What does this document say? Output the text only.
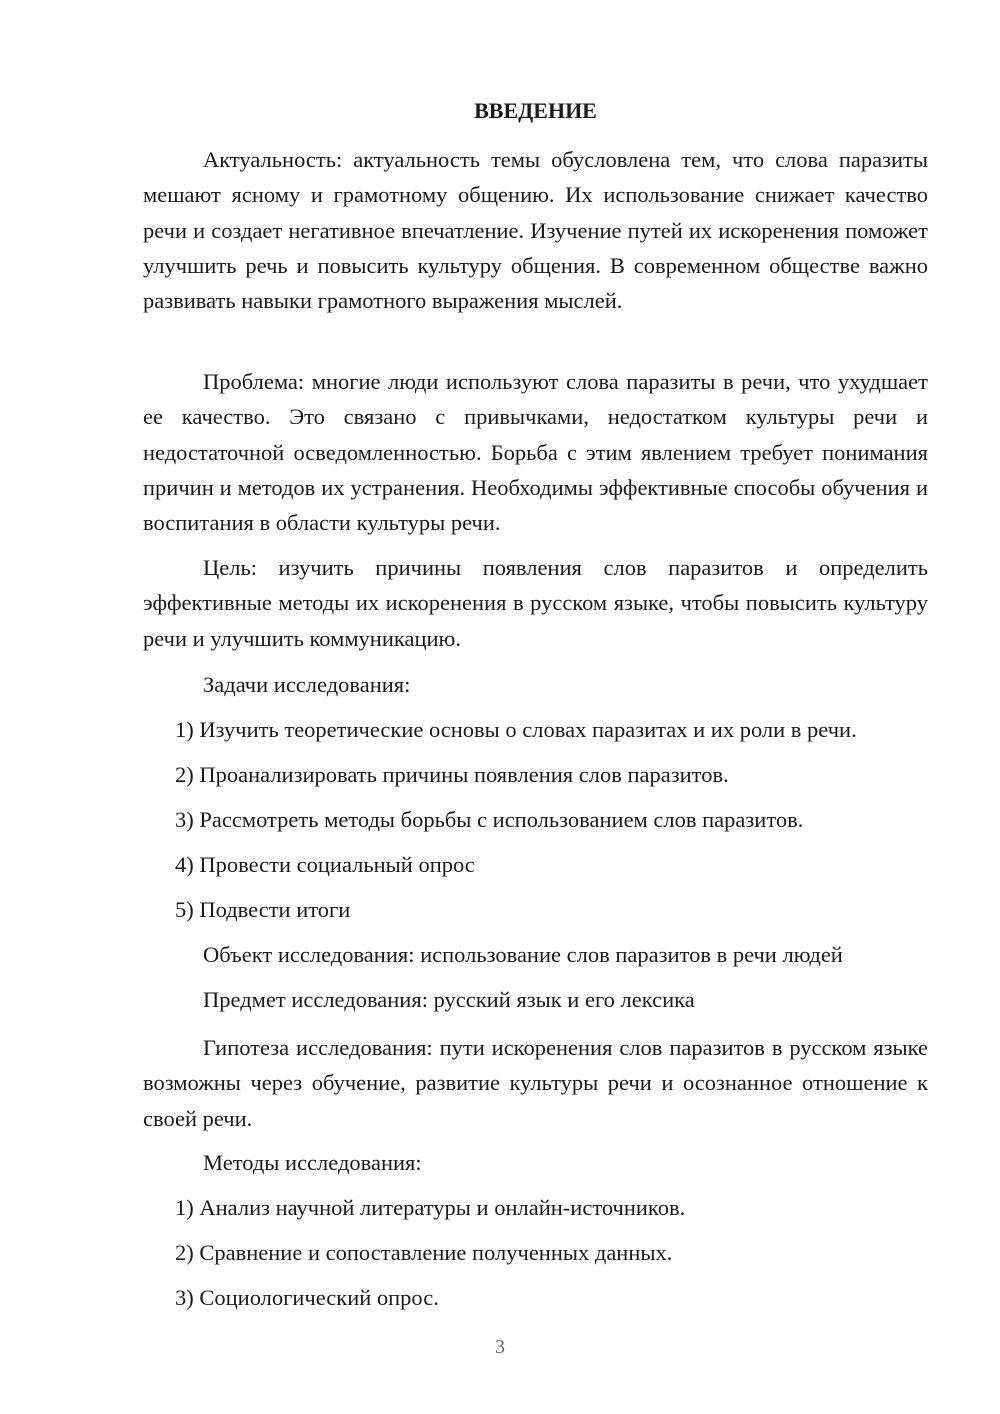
ВВЕДЕНИЕ

Актуальность: актуальность темы обусловлена тем, что слова паразиты мешают ясному и грамотному общению. Их использование снижает качество речи и создает негативное впечатление. Изучение путей их искоренения поможет улучшить речь и повысить культуру общения. В современном обществе важно развивать навыки грамотного выражения мыслей.

Проблема: многие люди используют слова паразиты в речи, что ухудшает ее качество. Это связано с привычками, недостатком культуры речи и недостаточной осведомленностью. Борьба с этим явлением требует понимания причин и методов их устранения. Необходимы эффективные способы обучения и воспитания в области культуры речи.

Цель: изучить причины появления слов паразитов и определить эффективные методы их искоренения в русском языке, чтобы повысить культуру речи и улучшить коммуникацию.

Задачи исследования:

1) Изучить теоретические основы о словах паразитах и их роли в речи.

2) Проанализировать причины появления слов паразитов.

3) Рассмотреть методы борьбы с использованием слов паразитов.

4) Провести социальный опрос

5) Подвести итоги

Объект исследования: использование слов паразитов в речи людей

Предмет исследования: русский язык и его лексика

Гипотеза исследования: пути искоренения слов паразитов в русском языке возможны через обучение, развитие культуры речи и осознанное отношение к своей речи.

Методы исследования:

1) Анализ научной литературы и онлайн-источников.

2) Сравнение и сопоставление полученных данных.

3) Социологический опрос.

3
